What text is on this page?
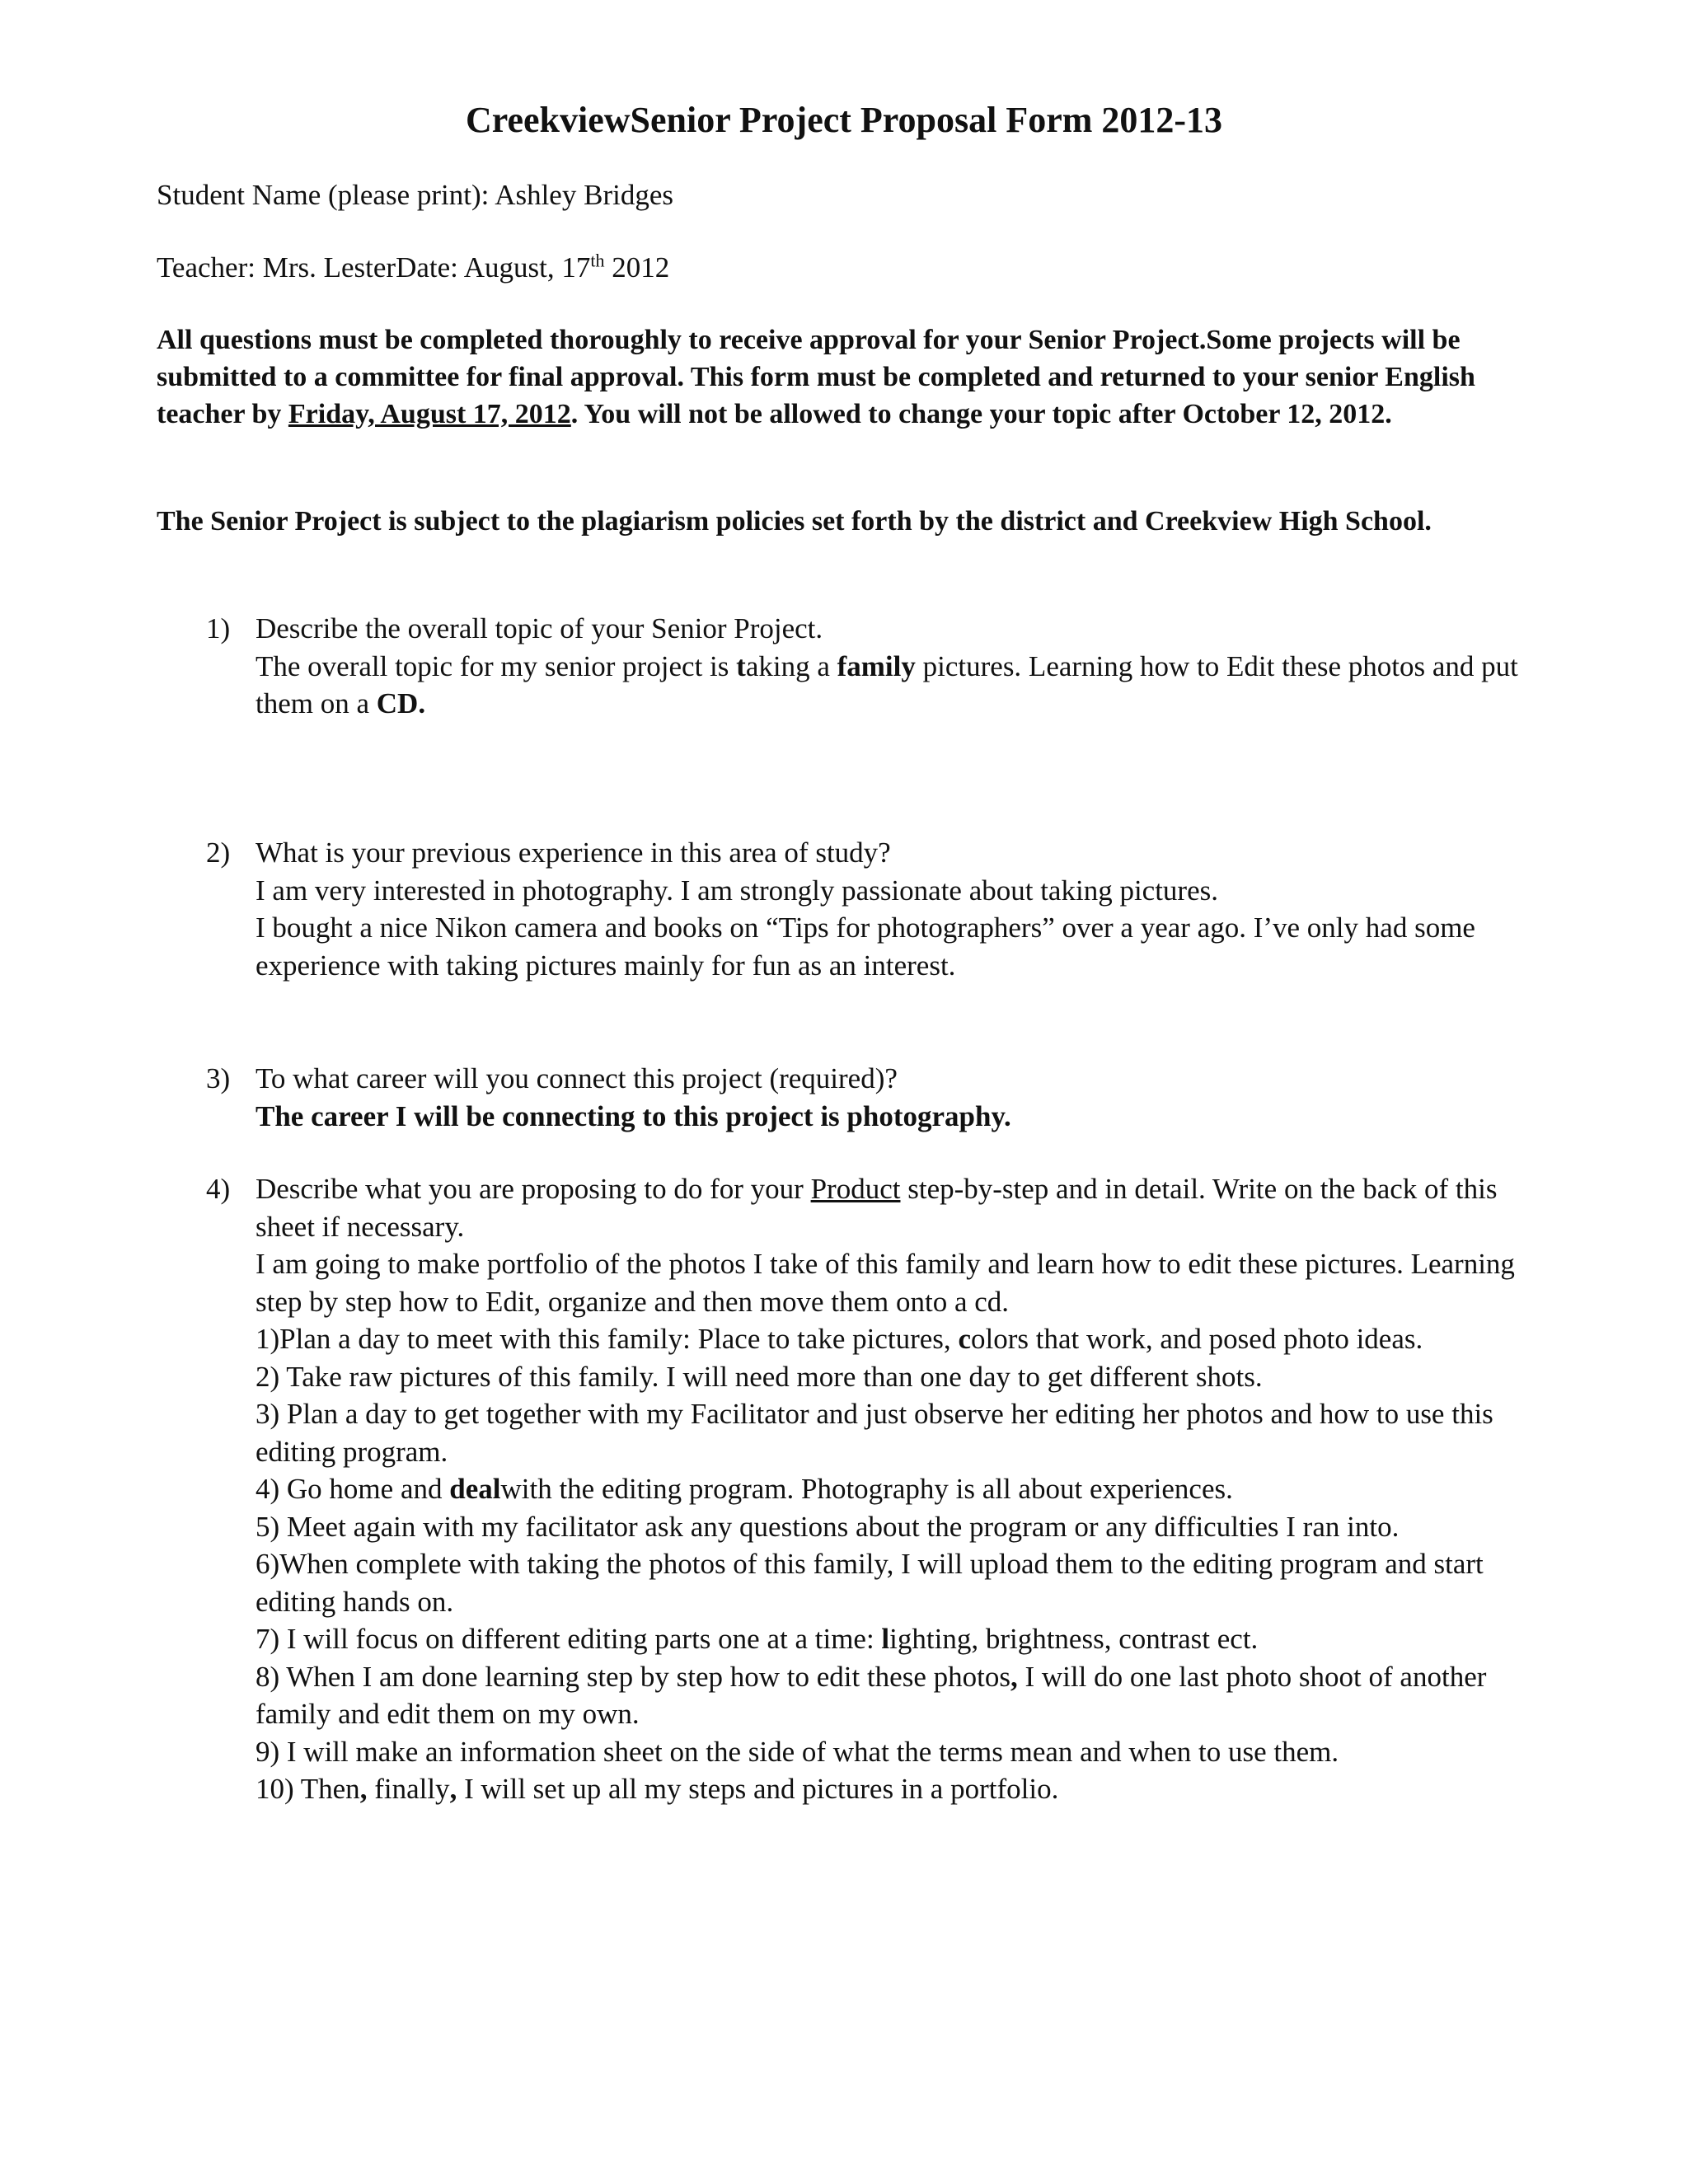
CreekviewSenior Project Proposal Form 2012-13
Student Name (please print): Ashley Bridges
Teacher: Mrs. LesterDate: August, 17th 2012
All questions must be completed thoroughly to receive approval for your Senior Project.Some projects will be submitted to a committee for final approval. This form must be completed and returned to your senior English teacher by Friday, August 17, 2012. You will not be allowed to change your topic after October 12, 2012.
The Senior Project is subject to the plagiarism policies set forth by the district and Creekview High School.
1) Describe the overall topic of your Senior Project.
The overall topic for my senior project is taking a family pictures. Learning how to Edit these photos and put them on a CD.
2) What is your previous experience in this area of study?
I am very interested in photography. I am strongly passionate about taking pictures.
I bought a nice Nikon camera and books on “Tips for photographers” over a year ago. I’ve only had some experience with taking pictures mainly for fun as an interest.
3) To what career will you connect this project (required)?
The career I will be connecting to this project is photography.
4) Describe what you are proposing to do for your Product step-by-step and in detail. Write on the back of this sheet if necessary.
I am going to make portfolio of the photos I take of this family and learn how to edit these pictures. Learning step by step how to Edit, organize and then move them onto a cd.
1)Plan a day to meet with this family: Place to take pictures, colors that work, and posed photo ideas.
2) Take raw pictures of this family. I will need more than one day to get different shots.
3) Plan a day to get together with my Facilitator and just observe her editing her photos and how to use this editing program.
4) Go home and dealwith the editing program. Photography is all about experiences.
5) Meet again with my facilitator ask any questions about the program or any difficulties I ran into.
6)When complete with taking the photos of this family, I will upload them to the editing program and start editing hands on.
7) I will focus on different editing parts one at a time: lighting, brightness, contrast ect.
8) When I am done learning step by step how to edit these photos, I will do one last photo shoot of another family and edit them on my own.
9) I will make an information sheet on the side of what the terms mean and when to use them.
10) Then, finally, I will set up all my steps and pictures in a portfolio.
